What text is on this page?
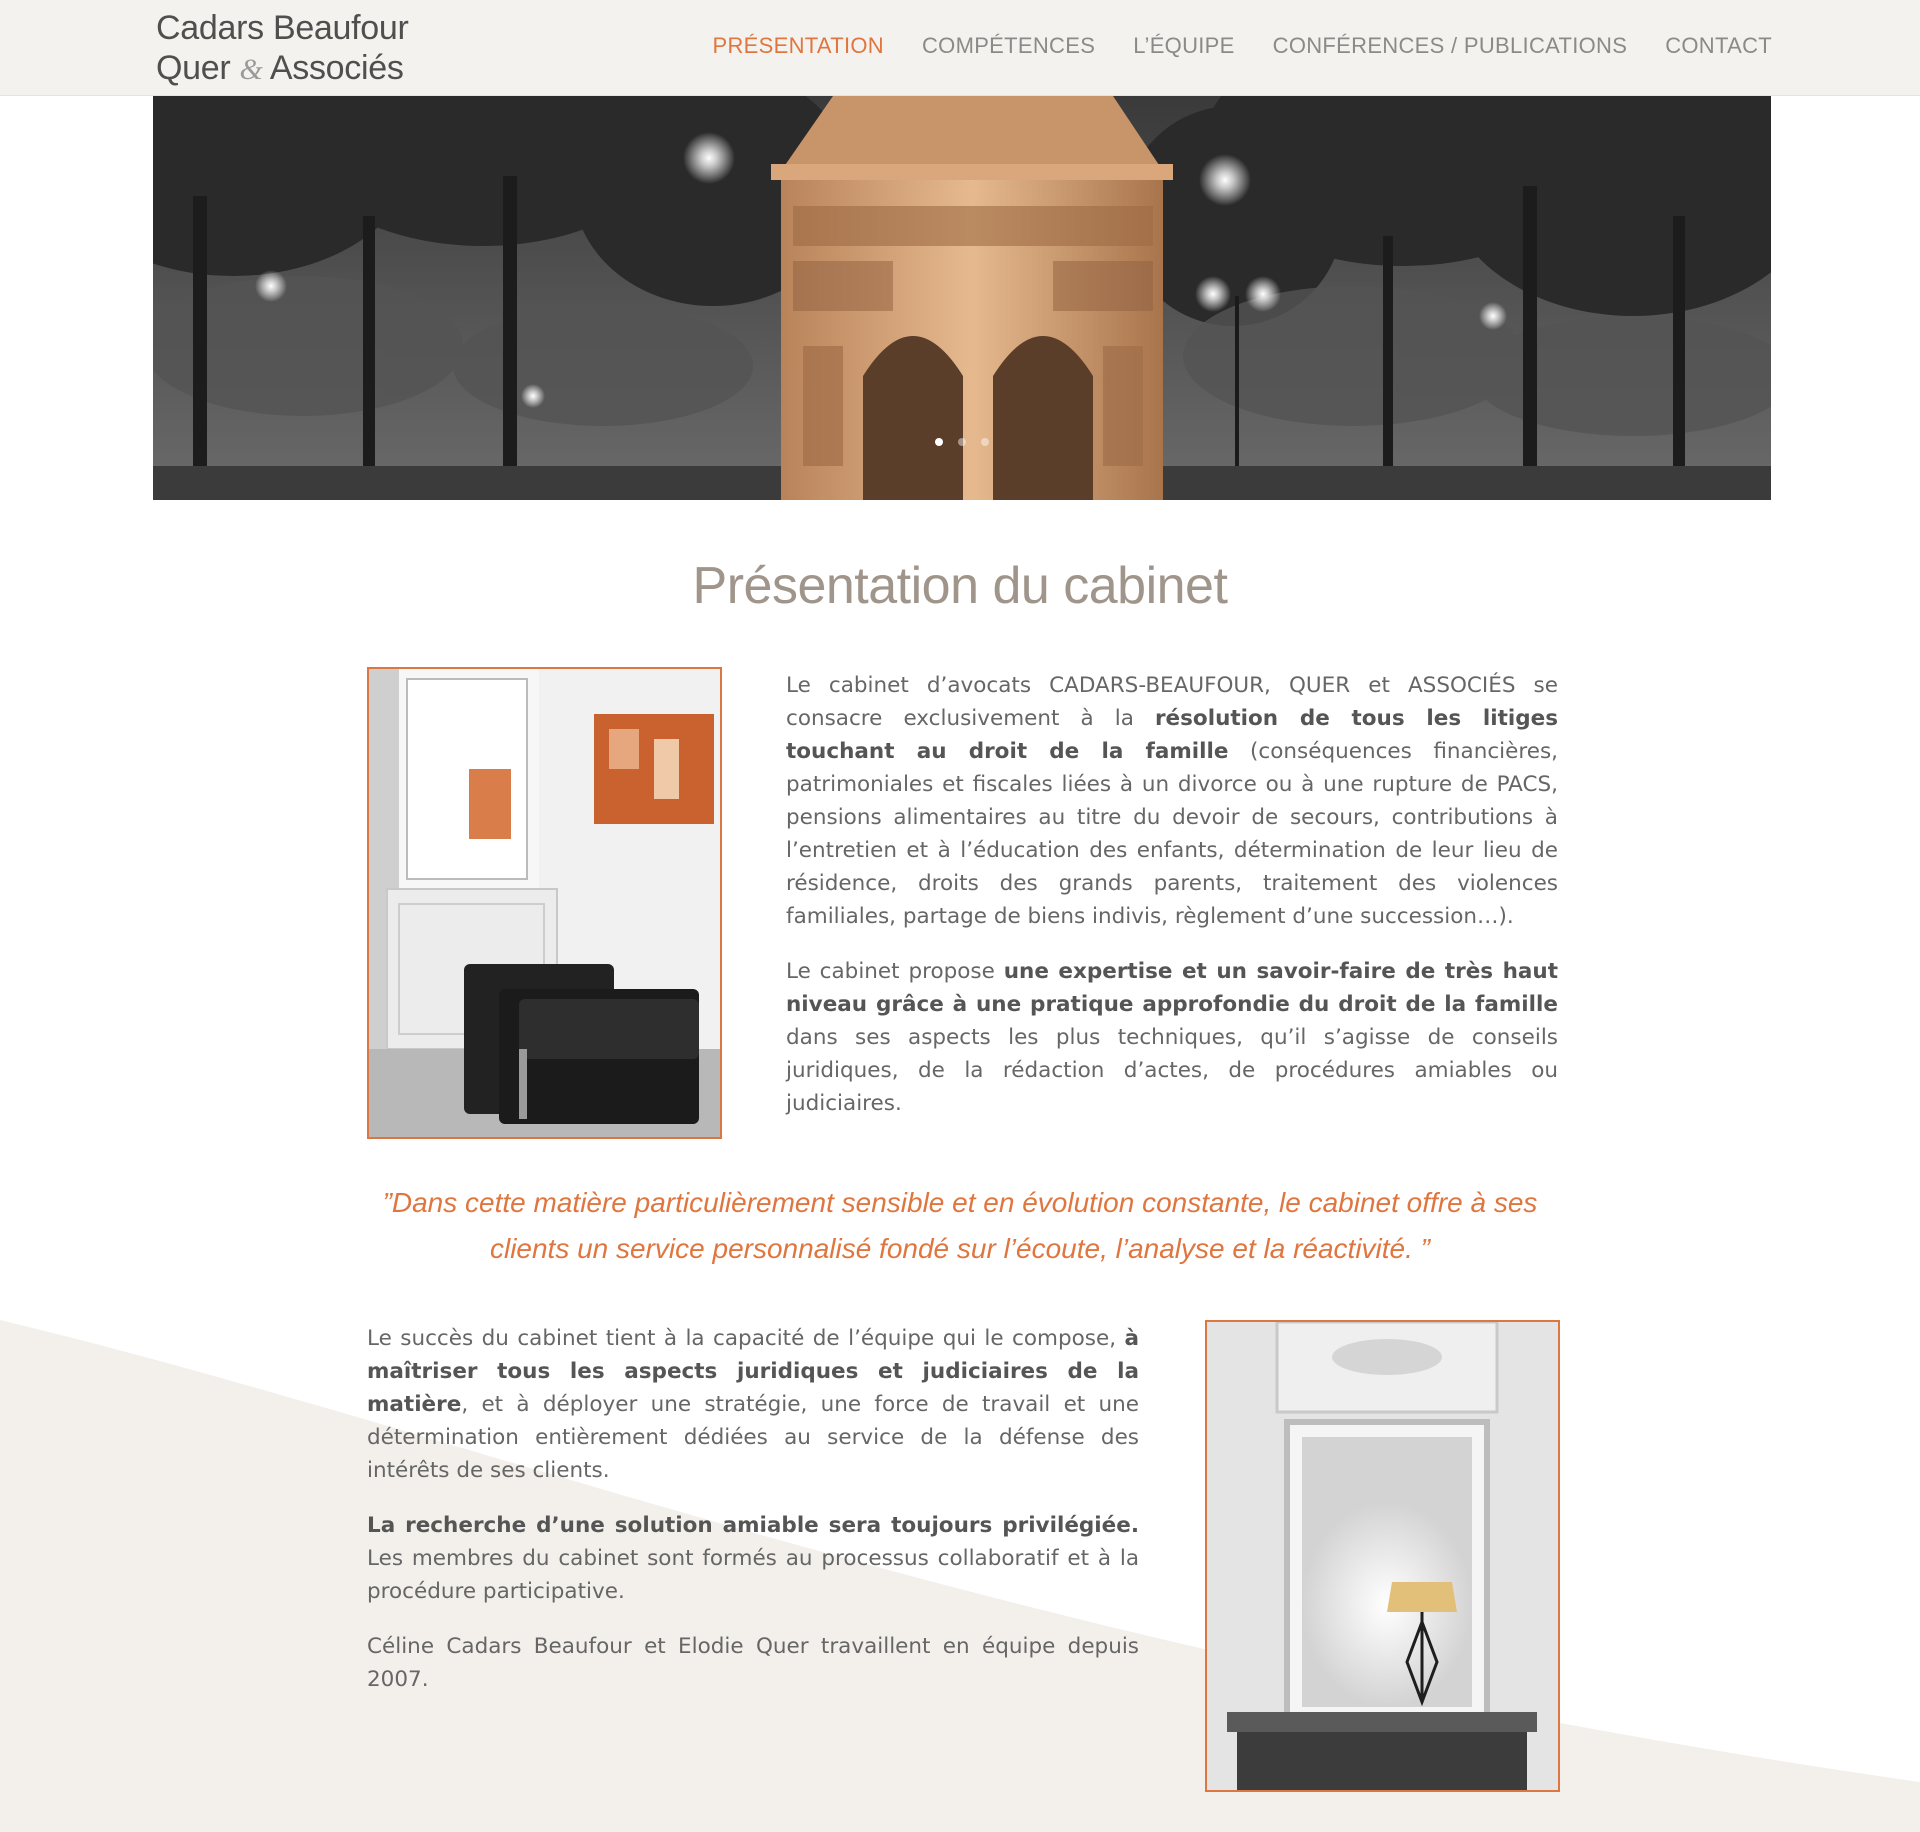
Cadars Beaufour
Quer & Associés
PRÉSENTATION COMPÉTENCES L’ÉQUIPE CONFÉRENCES / PUBLICATIONS CONTACT

Présentation du cabinet

Le cabinet d’avocats CADARS-BEAUFOUR, QUER et ASSOCIÉS se consacre exclusivement à la résolution de tous les litiges touchant au droit de la famille (conséquences financières, patrimoniales et fiscales liées à un divorce ou à une rupture de PACS, pensions alimentaires au titre du devoir de secours, contributions à l’entretien et à l’éducation des enfants, détermination de leur lieu de résidence, droits des grands parents, traitement des violences familiales, partage de biens indivis, règlement d’une succession…).

Le cabinet propose une expertise et un savoir-faire de très haut niveau grâce à une pratique approfondie du droit de la famille dans ses aspects les plus techniques, qu’il s’agisse de conseils juridiques, de la rédaction d’actes, de procédures amiables ou judiciaires.

”Dans cette matière particulièrement sensible et en évolution constante, le cabinet offre à ses clients un service personnalisé fondé sur l’écoute, l’analyse et la réactivité. ”

Le succès du cabinet tient à la capacité de l’équipe qui le compose, à maîtriser tous les aspects juridiques et judiciaires de la matière, et à déployer une stratégie, une force de travail et une détermination entièrement dédiées au service de la défense des intérêts de ses clients.

La recherche d’une solution amiable sera toujours privilégiée. Les membres du cabinet sont formés au processus collaboratif et à la procédure participative.

Céline Cadars Beaufour et Elodie Quer travaillent en équipe depuis 2007.
